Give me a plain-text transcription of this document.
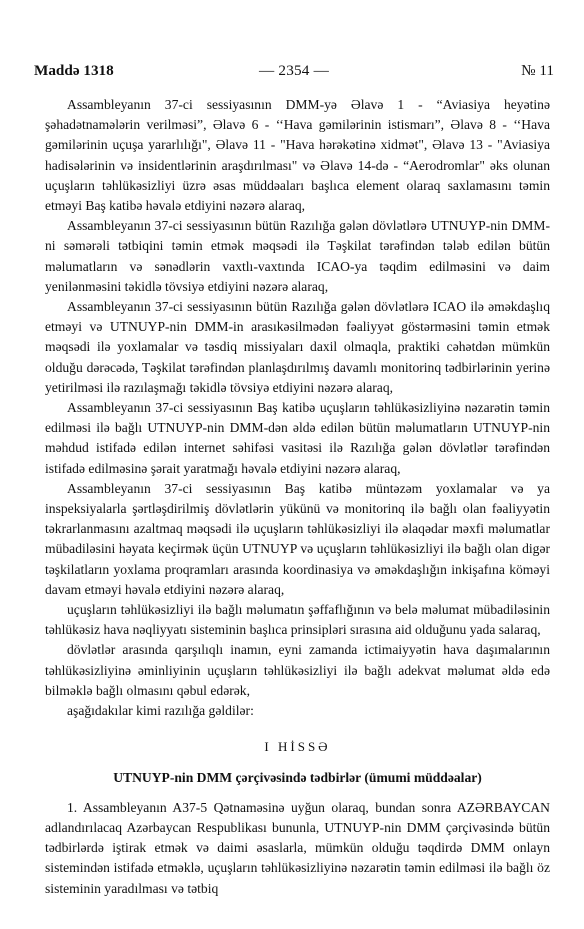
Maddə 1318	— 2354 —	№ 11

Assambleyanın 37-ci sessiyasının DMM-yə Əlavə 1 - “Aviasiya heyətinə şəhadətnamələrin verilməsi”, Əlavə 6 - ‘‘Hava gəmilərinin istismarı”, Əlavə 8 - ‘‘Hava gəmilərinin uçuşa yararlılığı", Əlavə 11 - "Hava hərəkətinə xidmət", Əlavə 13 - "Aviasiya hadisələrinin və insidentlərinin araşdırılması" və Əlavə 14-də - “Aerodromlar" əks olunan uçuşların təhlükəsizliyi üzrə əsas müddəaları başlıca element olaraq saxlamasını təmin etməyi Baş katibə həvalə etdiyini nəzərə alaraq,

Assambleyanın 37-ci sessiyasının bütün Razılığa gələn dövlətlərə UTNUYP-nin DMM-ni səmərəli tətbiqini təmin etmək məqsədi ilə Təşkilat tərəfindən tələb edilən bütün məlumatların və sənədlərin vaxtlı-vaxtında ICAO-ya təqdim edilməsini və daim yenilənməsini təkidlə tövsiyə etdiyini nəzərə alaraq,

Assambleyanın 37-ci sessiyasının bütün Razılığa gələn dövlətlərə ICAO ilə əməkdaşlıq etməyi və UTNUYP-nin DMM-in arasıkəsilmədən fəaliyyət göstərməsini təmin etmək məqsədi ilə yoxlamalar və təsdiq missiyaları daxil olmaqla, praktiki cəhətdən mümkün olduğu dərəcədə, Təşkilat tərəfindən planlaşdırılmış davamlı monitorinq tədbirlərinin yerinə yetirilməsi ilə razılaşmağı təkidlə tövsiyə etdiyini nəzərə alaraq,

Assambleyanın 37-ci sessiyasının Baş katibə uçuşların təhlükəsizliyinə nəzarətin təmin edilməsi ilə bağlı UTNUYP-nin DMM-dən əldə edilən bütün məlumatların UTNUYP-nin məhdud istifadə edilən internet səhifəsi vasitəsi ilə Razılığa gələn dövlətlər tərəfindən istifadə edilməsinə şərait yaratmağı həvalə etdiyini nəzərə alaraq,

Assambleyanın 37-ci sessiyasının Baş katibə müntəzəm yoxlamalar və ya inspeksiyalarla şərtləşdirilmiş dövlətlərin yükünü və monitorinq ilə bağlı olan fəaliyyətin təkrarlanmasını azaltmaq məqsədi ilə uçuşların təhlükəsizliyi ilə əlaqədar məxfi məlumatlar mübadiləsini həyata keçirmək üçün UTNUYP və uçuşların təhlükəsizliyi ilə bağlı olan digər təşkilatların yoxlama proqramları arasında koordinasiya və əməkdaşlığın inkişafına köməyi davam etməyi həvalə etdiyini nəzərə alaraq,

uçuşların təhlükəsizliyi ilə bağlı məlumatın şəffaflığının və belə məlumat mübadiləsinin təhlükəsiz hava nəqliyyatı sisteminin başlıca prinsipləri sırasına aid olduğunu yada salaraq,

dövlətlər arasında qarşılıqlı inamın, eyni zamanda ictimaiyyətin hava daşımalarının təhlükəsizliyinə əminliyinin uçuşların təhlükəsizliyi ilə bağlı adekvat məlumat əldə edə bilməklə bağlı olmasını qəbul edərək,

aşağıdakılar kimi razılığa gəldilər:

I HİSSƏ

UTNUYP-nin DMM çərçivəsində tədbirlər (ümumi müddəalar)

1. Assambleyanın A37-5 Qətnaməsinə uyğun olaraq, bundan sonra AZƏRBAYCAN adlandırılacaq Azərbaycan Respublikası bununla, UTNUYP-nin DMM çərçivəsində bütün tədbirlərdə iştirak etmək və daimi əsaslarla, mümkün olduğu təqdirdə DMM onlayn sistemindən istifadə etməklə, uçuşların təhlükəsizliyinə nəzarətin təmin edilməsi ilə bağlı öz sisteminin yaradılması və tətbiq
